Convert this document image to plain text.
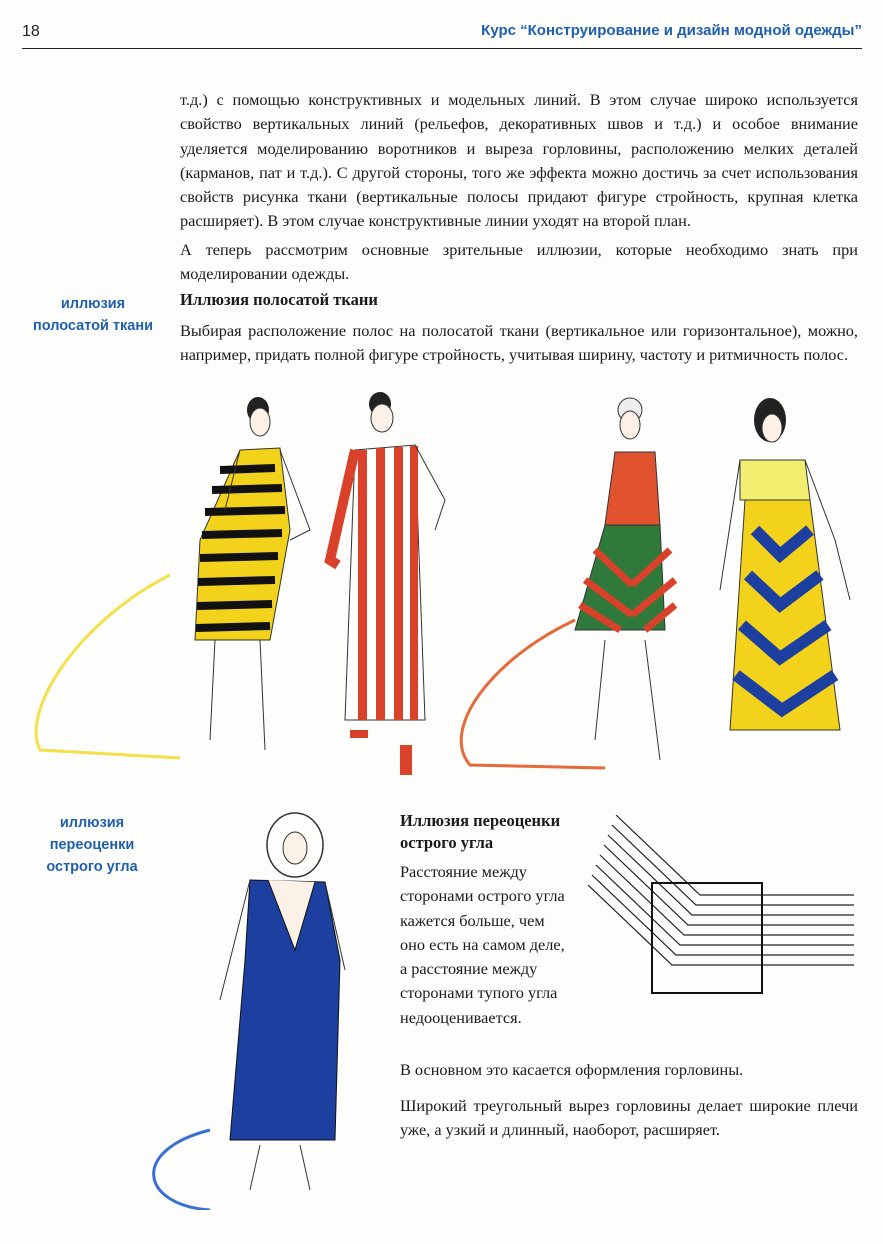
18	Курс “Конструирование и дизайн модной одежды”

т.д.) с помощью конструктивных и модельных линий. В этом случае широко используется свойство вертикальных линий (рельефов, декоративных швов и т.д.) и особое внимание уделяется моделированию воротников и выреза горловины, расположению мелких деталей (карманов, пат и т.д.). С другой стороны, того же эффекта можно достичь за счет использования свойств рисунка ткани (вертикальные полосы придают фигуре стройность, крупная клетка расширяет). В этом случае конструктивные линии уходят на второй план.

А теперь рассмотрим основные зрительные иллюзии, которые необходимо знать при моделировании одежды.

иллюзия полосатой ткани
Иллюзия полосатой ткани

Выбирая расположение полос на полосатой ткани (вертикальное или горизонтальное), можно, например, придать полной фигуре стройность, учитывая ширину, частоту и ритмичность полос.

иллюзия переоценки острого угла
Иллюзия переоценки острого угла

Расстояние между сторонами острого угла кажется больше, чем оно есть на самом деле, а расстояние между сторонами тупого угла недооценивается.

В основном это касается оформления горловины.

Широкий треугольный вырез горловины делает широкие плечи уже, а узкий и длинный, наоборот, расширяет.
